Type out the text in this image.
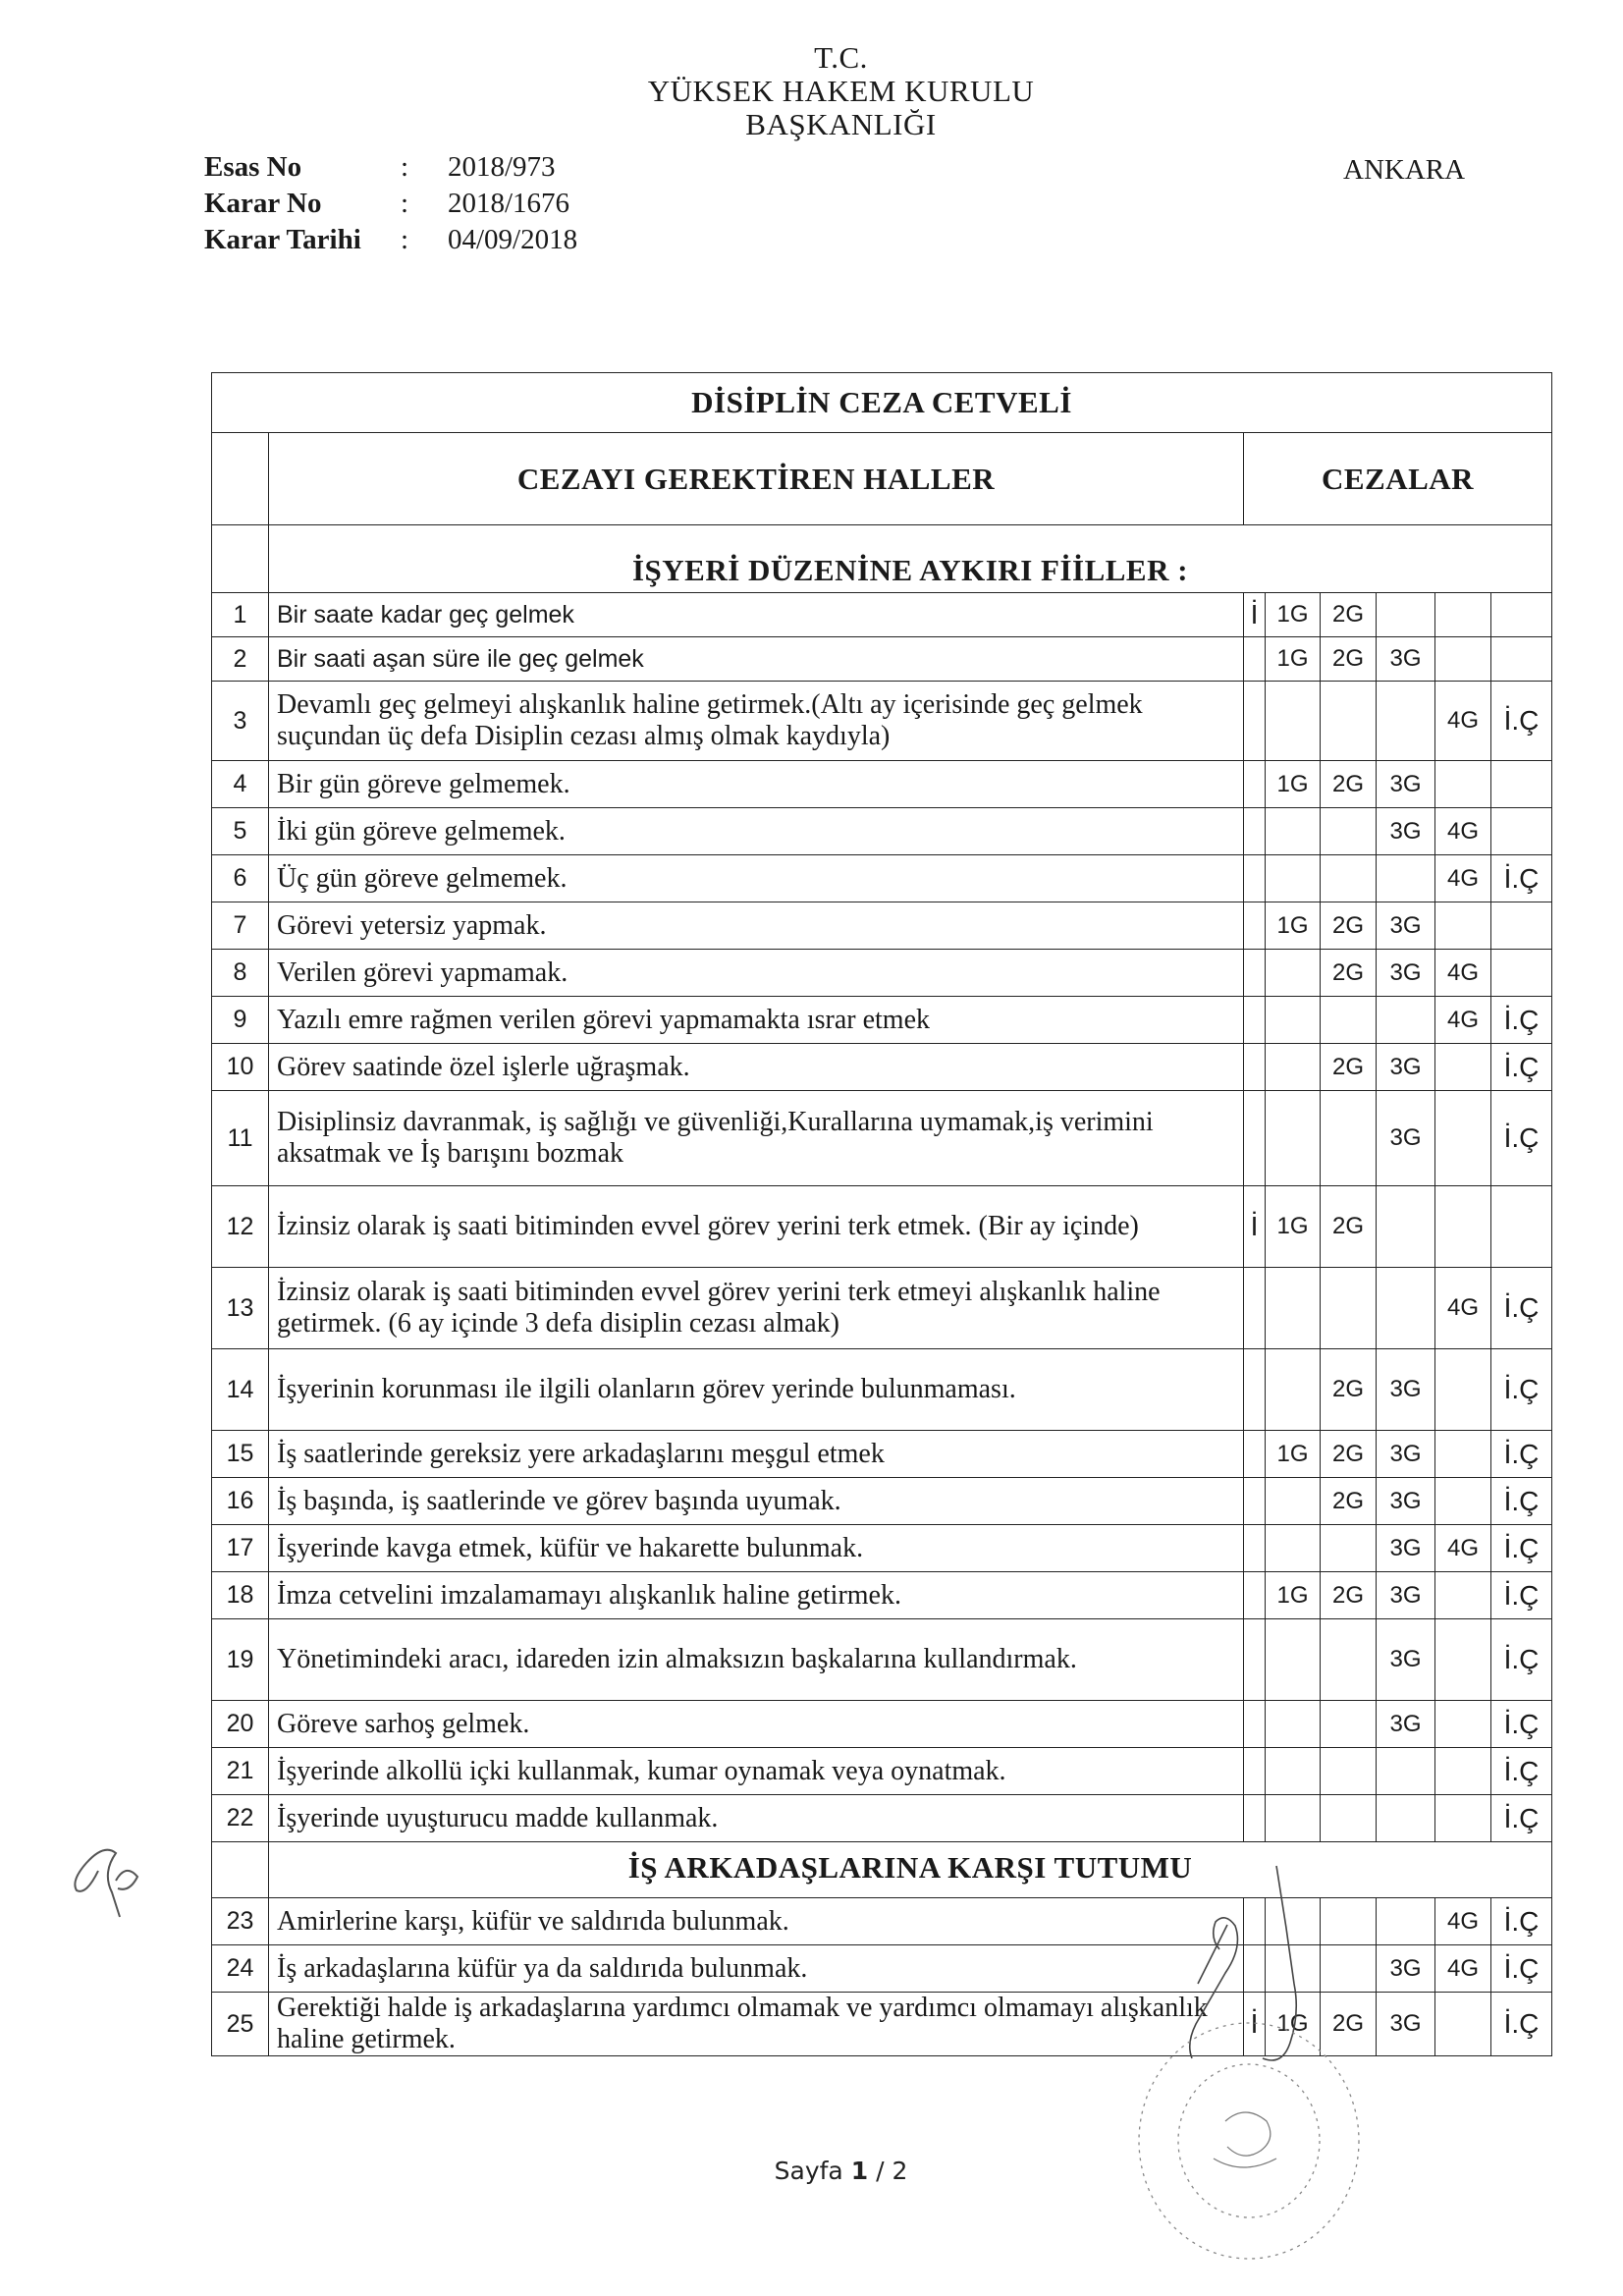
T.C.
YÜKSEK HAKEM KURULU
BAŞKANLIĞI
Esas No	:	2018/973
Karar No	:	2018/1676
Karar Tarihi	:	04/09/2018
ANKARA
DİSİPLİN CEZA CETVELİ							
	CEZAYI GEREKTİREN HALLER	CEZALAR					
	İŞYERİ DÜZENİNE AYKIRI FİİLLER :						
1	Bir saate kadar geç gelmek	İ	1G	2G			
2	Bir saati aşan süre ile geç gelmek		1G	2G	3G		
3	Devamlı geç gelmeyi alışkanlık haline getirmek.(Altı ay içerisinde geç gelmek suçundan üç defa Disiplin cezası almış olmak kaydıyla)					4G	İ.Ç
4	Bir gün göreve gelmemek.		1G	2G	3G		
5	İki gün göreve gelmemek.				3G	4G	
6	Üç gün göreve gelmemek.					4G	İ.Ç
7	Görevi yetersiz yapmak.		1G	2G	3G		
8	Verilen görevi yapmamak.			2G	3G	4G	
9	Yazılı emre rağmen verilen görevi yapmamakta ısrar etmek					4G	İ.Ç
10	Görev saatinde özel işlerle uğraşmak.			2G	3G		İ.Ç
11	Disiplinsiz davranmak, iş sağlığı ve güvenliği,Kurallarına uymamak,iş verimini aksatmak ve İş barışını bozmak				3G		İ.Ç
12	İzinsiz olarak iş saati bitiminden evvel görev yerini terk etmek. (Bir ay içinde)	İ	1G	2G			
13	İzinsiz olarak iş saati bitiminden evvel görev yerini terk etmeyi alışkanlık haline getirmek. (6 ay içinde 3 defa disiplin cezası almak)					4G	İ.Ç
14	İşyerinin korunması ile ilgili olanların görev yerinde bulunmaması.			2G	3G		İ.Ç
15	İş saatlerinde gereksiz yere arkadaşlarını meşgul etmek		1G	2G	3G		İ.Ç
16	İş başında, iş saatlerinde ve görev başında uyumak.			2G	3G		İ.Ç
17	İşyerinde kavga etmek, küfür ve hakarette bulunmak.				3G	4G	İ.Ç
18	İmza cetvelini imzalamamayı alışkanlık haline getirmek.		1G	2G	3G		İ.Ç
19	Yönetimindeki aracı, idareden izin almaksızın başkalarına kullandırmak.				3G		İ.Ç
20	Göreve sarhoş gelmek.				3G		İ.Ç
21	İşyerinde alkollü içki kullanmak, kumar oynamak veya oynatmak.						İ.Ç
22	İşyerinde uyuşturucu madde kullanmak.						İ.Ç
	İŞ ARKADAŞLARINA KARŞI TUTUMU						
23	Amirlerine karşı, küfür ve saldırıda bulunmak.					4G	İ.Ç
24	İş arkadaşlarına küfür ya da saldırıda bulunmak.				3G	4G	İ.Ç
25	Gerektiği halde iş arkadaşlarına yardımcı olmamak ve yardımcı olmamayı alışkanlık haline getirmek.	İ	1G	2G	3G		İ.Ç
Sayfa 1 / 2
